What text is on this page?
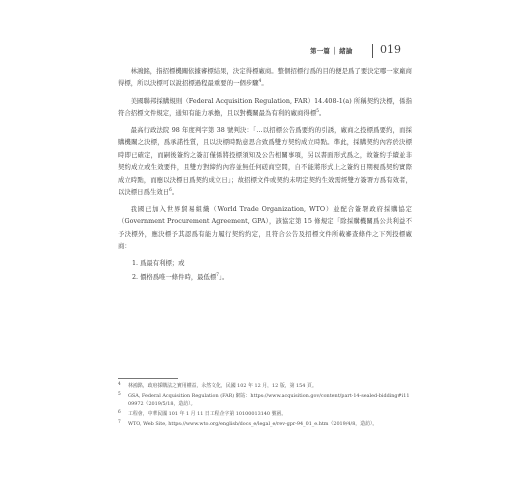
第一篇 │ 緒論 019

林鴻銘，指招標機關依據審標結果，決定得標廠商。整個招標行爲的目的便是爲了要決定哪一家廠商得標，所以決標可以說招標過程最重要的一個步驟$^4$。

美國聯邦採購規則（Federal Acquisition Regulation, FAR）14.408-1(a) 所稱契約決標，係指符合招標文件規定，通知有能力承擔，且以對機關最為有利的廠商得標$^5$。

最高行政法院 98 年度判字第 38 號判決：「…以招標公告爲要約的引誘，廠商之投標爲要約，而採購機關之決標，爲承諾性質，且以決標時點意思合致爲雙方契約成立時點。準此，採購契約內容於決標時即已確定，而嗣後簽約之簽訂僅係將投標須知及公告相關事項，另以書面形式爲之，故簽約手續並非契約成立或生效要件，且雙方對締約內容並無任何磋商空間，自不能將形式上之簽約日期視爲契約實際成立時點，而應以決標日爲契約成立日」；故招標文件或契約未明定契約生效需經雙方簽署方爲有效者，以決標日爲生效日$^6$。

我國已加入世界貿易組織（World Trade Organization, WTO）並配合簽署政府採購協定（Government Procurement Agreement, GPA），該協定第 15 條規定「除採購機關爲公共利益不予決標外，應決標予其認爲有能力履行契約約定，且符合公告及招標文件所載審查條件之下列投標廠商：

1. 爲最有利標；或
2. 價格爲唯一條件時，最低標$^7$」。
4 林鴻銘，政府採購法之實用權益，永然文化，民國 102 年 12 月，12 版，第 154 頁。
5 GSA, Federal Acquisition Regulation (FAR) 網站：https://www.acquisition.gov/content/part-14-sealed-bidding#i1109972（2019/5/18，造訪）。
6 工程會，中華民國 101 年 1 月 11 日工程企字第 10100013140 號函。
7 WTO, Web Site, https://www.wto.org/english/docs_e/legal_e/rev-gpr-94_01_e.htm（2019/4/8，造訪）。
